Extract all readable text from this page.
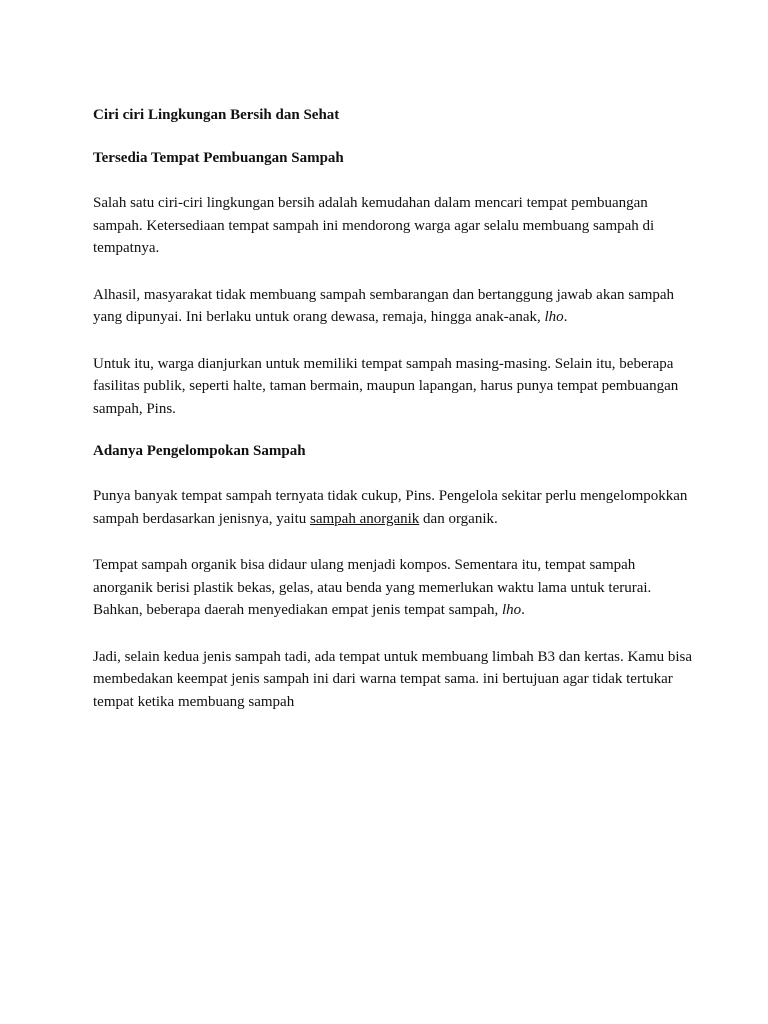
Ciri ciri Lingkungan Bersih dan Sehat

Tersedia Tempat Pembuangan Sampah

Salah satu ciri-ciri lingkungan bersih adalah kemudahan dalam mencari tempat pembuangan sampah. Ketersediaan tempat sampah ini mendorong warga agar selalu membuang sampah di tempatnya.

Alhasil, masyarakat tidak membuang sampah sembarangan dan bertanggung jawab akan sampah yang dipunyai. Ini berlaku untuk orang dewasa, remaja, hingga anak-anak, lho.

Untuk itu, warga dianjurkan untuk memiliki tempat sampah masing-masing. Selain itu, beberapa fasilitas publik, seperti halte, taman bermain, maupun lapangan, harus punya tempat pembuangan sampah, Pins.

Adanya Pengelompokan Sampah

Punya banyak tempat sampah ternyata tidak cukup, Pins. Pengelola sekitar perlu mengelompokkan sampah berdasarkan jenisnya, yaitu sampah anorganik dan organik.

Tempat sampah organik bisa didaur ulang menjadi kompos. Sementara itu, tempat sampah anorganik berisi plastik bekas, gelas, atau benda yang memerlukan waktu lama untuk terurai. Bahkan, beberapa daerah menyediakan empat jenis tempat sampah, lho.

Jadi, selain kedua jenis sampah tadi, ada tempat untuk membuang limbah B3 dan kertas. Kamu bisa membedakan keempat jenis sampah ini dari warna tempat sama. ini bertujuan agar tidak tertukar tempat ketika membuang sampah
